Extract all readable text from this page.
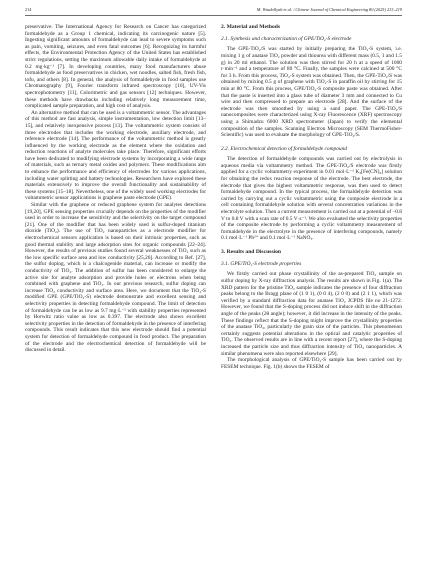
214	M. Wasdollyab et al. / Chinese Journal of Chemical Engineering 80 (2025) 213–219

preservative. The International Agency for Research on Cancer has categorized formaldehyde as a Group 1 chemical, indicating its carcinogenic nature [5]. Ingesting significant amounts of formaldehyde can lead to severe symptoms such as pain, vomiting, seizures, and even fatal outcomes [6]. Recognizing its harmful effects, the Environmental Protection Agency of the United States has established strict regulations, setting the maximum allowable daily intake of formaldehyde at 0.2 mg·kg⁻¹ [7]. In developing countries, many food manufacturers abuse formaldehyde as food preservatives in chicken, wet noodles, salted fish, fresh fish, tofu, and others [8]. In general, the analysis of formaldehyde in food samples use Chromatography [9], Fourier transform infrared spectroscopy [10], UV-Vis spectrophotometry [11], Colorimetric and gas sensors [12] techniques. However, these methods have drawbacks including relatively long measurement time, complicated sample preparation, and high cost of analysis.

An alternative method that can be used is a voltammetric sensor. The advantages of this method are fast analysis, simple instrumentation, low detection limit [13–15], and relatively inexpensive process [13]. The voltammetric system consists of three electrodes that includes the working electrode, auxiliary electrode, and reference electrode [14]. The performance of the voltammetric method is greatly influenced by the working electrode as the element where the oxidation and reduction reactions of analyte molecules take place. Therefore, significant efforts have been dedicated to modifying electrode systems by incorporating a wide range of materials, such as ternary metal oxides and polymers. These modifications aim to enhance the performance and efficiency of electrodes for various applications, including water splitting and battery technologies. Researchers have explored these materials extensively to improve the overall functionality and sustainability of these systems [15–18]. Nevertheless, one of the widely used working electrodes for voltammetric sensor applications is graphene paste electrode (GPE).

Similar with the graphene or reduced graphene system for analytes detections [19,20], GPE sensing properties crucially depends on the properties of the modifier used in order to increase the sensitivity and the selectivity on the target compound [21]. One of the modifier that has been widely used is sulfur-doped titanium dioxide (TiO₂). The use of TiO₂ nanoparticles as a electrode modifier for electrochemical sensors application is based on their intrinsic properties, such as good thermal stability and large adsorption sites for organic compounds [22–24]. However, the results of previous studies found several weaknesses of TiO₂ such as the low specific surface area and low conductivity [25,26]. According to Ref. [27], the sulfur doping, which is a chalcogenide material, can increase or modify the conductivity of TiO₂. The addition of sulfur has been considered to enlarge the active site for analyte adsorption and provide holes or electrons when being combined with graphene and TiO₂. In our previous research, sulfur doping can increase TiO₂ conductivity and surface area. Here, we document that the TiO₂-S modified GPE (GPE/TiO₂-S) electrode demonstrate and excellent sensing and selectivity properties in detecting formaldehyde compound. The limit of detection of formaldehyde can be as low as 9.7 mg·L⁻¹ with stability properties represented by Horwitz ratio value as low as 0.397. The electrode also shows excellent selectivity properties in the detection of formaldehyde in the presence of interfering compounds. This result indicates that this new electrode should find a potential system for detection of formaldehyde compound in food product. The preparation of the electrode and the electrochemical detection of formaldehyde will be discussed in detail.

2. Material and Methods
2.1. Synthesis and characterization of GPE/TiO₂-S electrode

The GPE-TiO₂/S was started by initially preparing the TiO₂-S system, i.e. mixing 1 g of anatase TiO₂ powder and thiourea with different mass (0.5, 1 and 1.5 g) in 20 ml ethanol. The solution was then stirred for 20 h at a speed of 1000 r·min⁻¹ and a temperature of 80 °C. Finally, the samples were calcined at 500 °C for 3 h. From this process, TiO₂-S system was obtained. Then, the GPE-TiO₂/S was obtained by mixing 0.5 g of graphene with TiO₂-S in paraffin oil by stirring for 15 min at 80 °C. From this process, GPE/TiO₂-S composite paste was obtained. After that the paste is inserted into a glass tube of diameter 3 mm and connected to Cu wire and then compressed to prepare an electrode [28]. And the surface of the electrode was then smoothed by using a sand paper. The GPE-TiO₂/S nanocomposites were characterized using X-ray Fluorescence (XRF) spectroscopy using a Shimadzu 6000 XRD spectrometer (Japan) to verify the elemental composition of the samples. Scanning Electron Microscopy (SEM ThermoFisher-Scientific) was used to evaluate the morphology of GPE-TiO₂/S.

2.2. Electrochemical detection of formaldehyde compound

The detection of formaldehyde compounds was carried out by electrolysis in aqueous media via voltammetry method. The GPE-TiO₂/S electrode was firstly applied for a cyclic voltammetry experiment in 0.01 mol·L⁻¹ K₃[Fe(CN)₆] solution for obtaining the redox reaction response of the electrode. The best electrode, the electrode that gives the highest voltammetric response, was then used to detect formaldehyde compound. In the typical process, the formaldehyde detection was carried by carrying out a cyclic voltammetric using the composite electrode in a cell containing formaldehyde solution with several concentration variations in the electrolyte solution. Then a current measurement is carried out at a potential of –0.8 V to 0.8 V with a scan rate of 0.5 V·s⁻¹. We also evaluated the selectivity properties of the composite electrode by performing a cyclic voltammetry measurement of formaldehyde in the electrolyte in the presence of interfering compounds, namely 0.1 mol·L⁻¹ Pb²⁺ and 0.1 mol·L⁻¹ NaNO₃.

3. Results and Discussion
3.1. GPE/TiO₂-S electrode properties

We firstly carried out phase crystallinity of the as-prepared TiO₂ sample on sulfur doping by X-ray diffraction analysis. The results are shown in Fig. 1(a). The XRD pattern for the pristine TiO₂ sample indicates the presence of four diffraction peaks belong to the Bragg plane of (1 0 1), (0 0 4), (2 0 0) and (2 1 1), which was verified by a standard diffraction data for anatase TiO₂ JCPDS file no 21-1272. However, we found that the S-doping process did not induce shift in the diffraction angle of the peaks (2θ angle); however, it did increase in the intensity of the peaks. These findings reflect that the S-doping might improve the crystallinity properties of the anatase TiO₂, particularly the grain size of the particles. This phenomenon certainly suggests potential alterations in the optical and catalytic properties of TiO₂. The observed results are in line with a recent report [27], where the S-doping increased the particle size and thus diffraction intensity of TiO₂ nanoparticles. A similar phenomena were also reported elsewhere [29].

The morphological analysis of GPE/TiO₂-S sample has been carried out by FESEM technique. Fig. 1(b) shows the FESEM of
